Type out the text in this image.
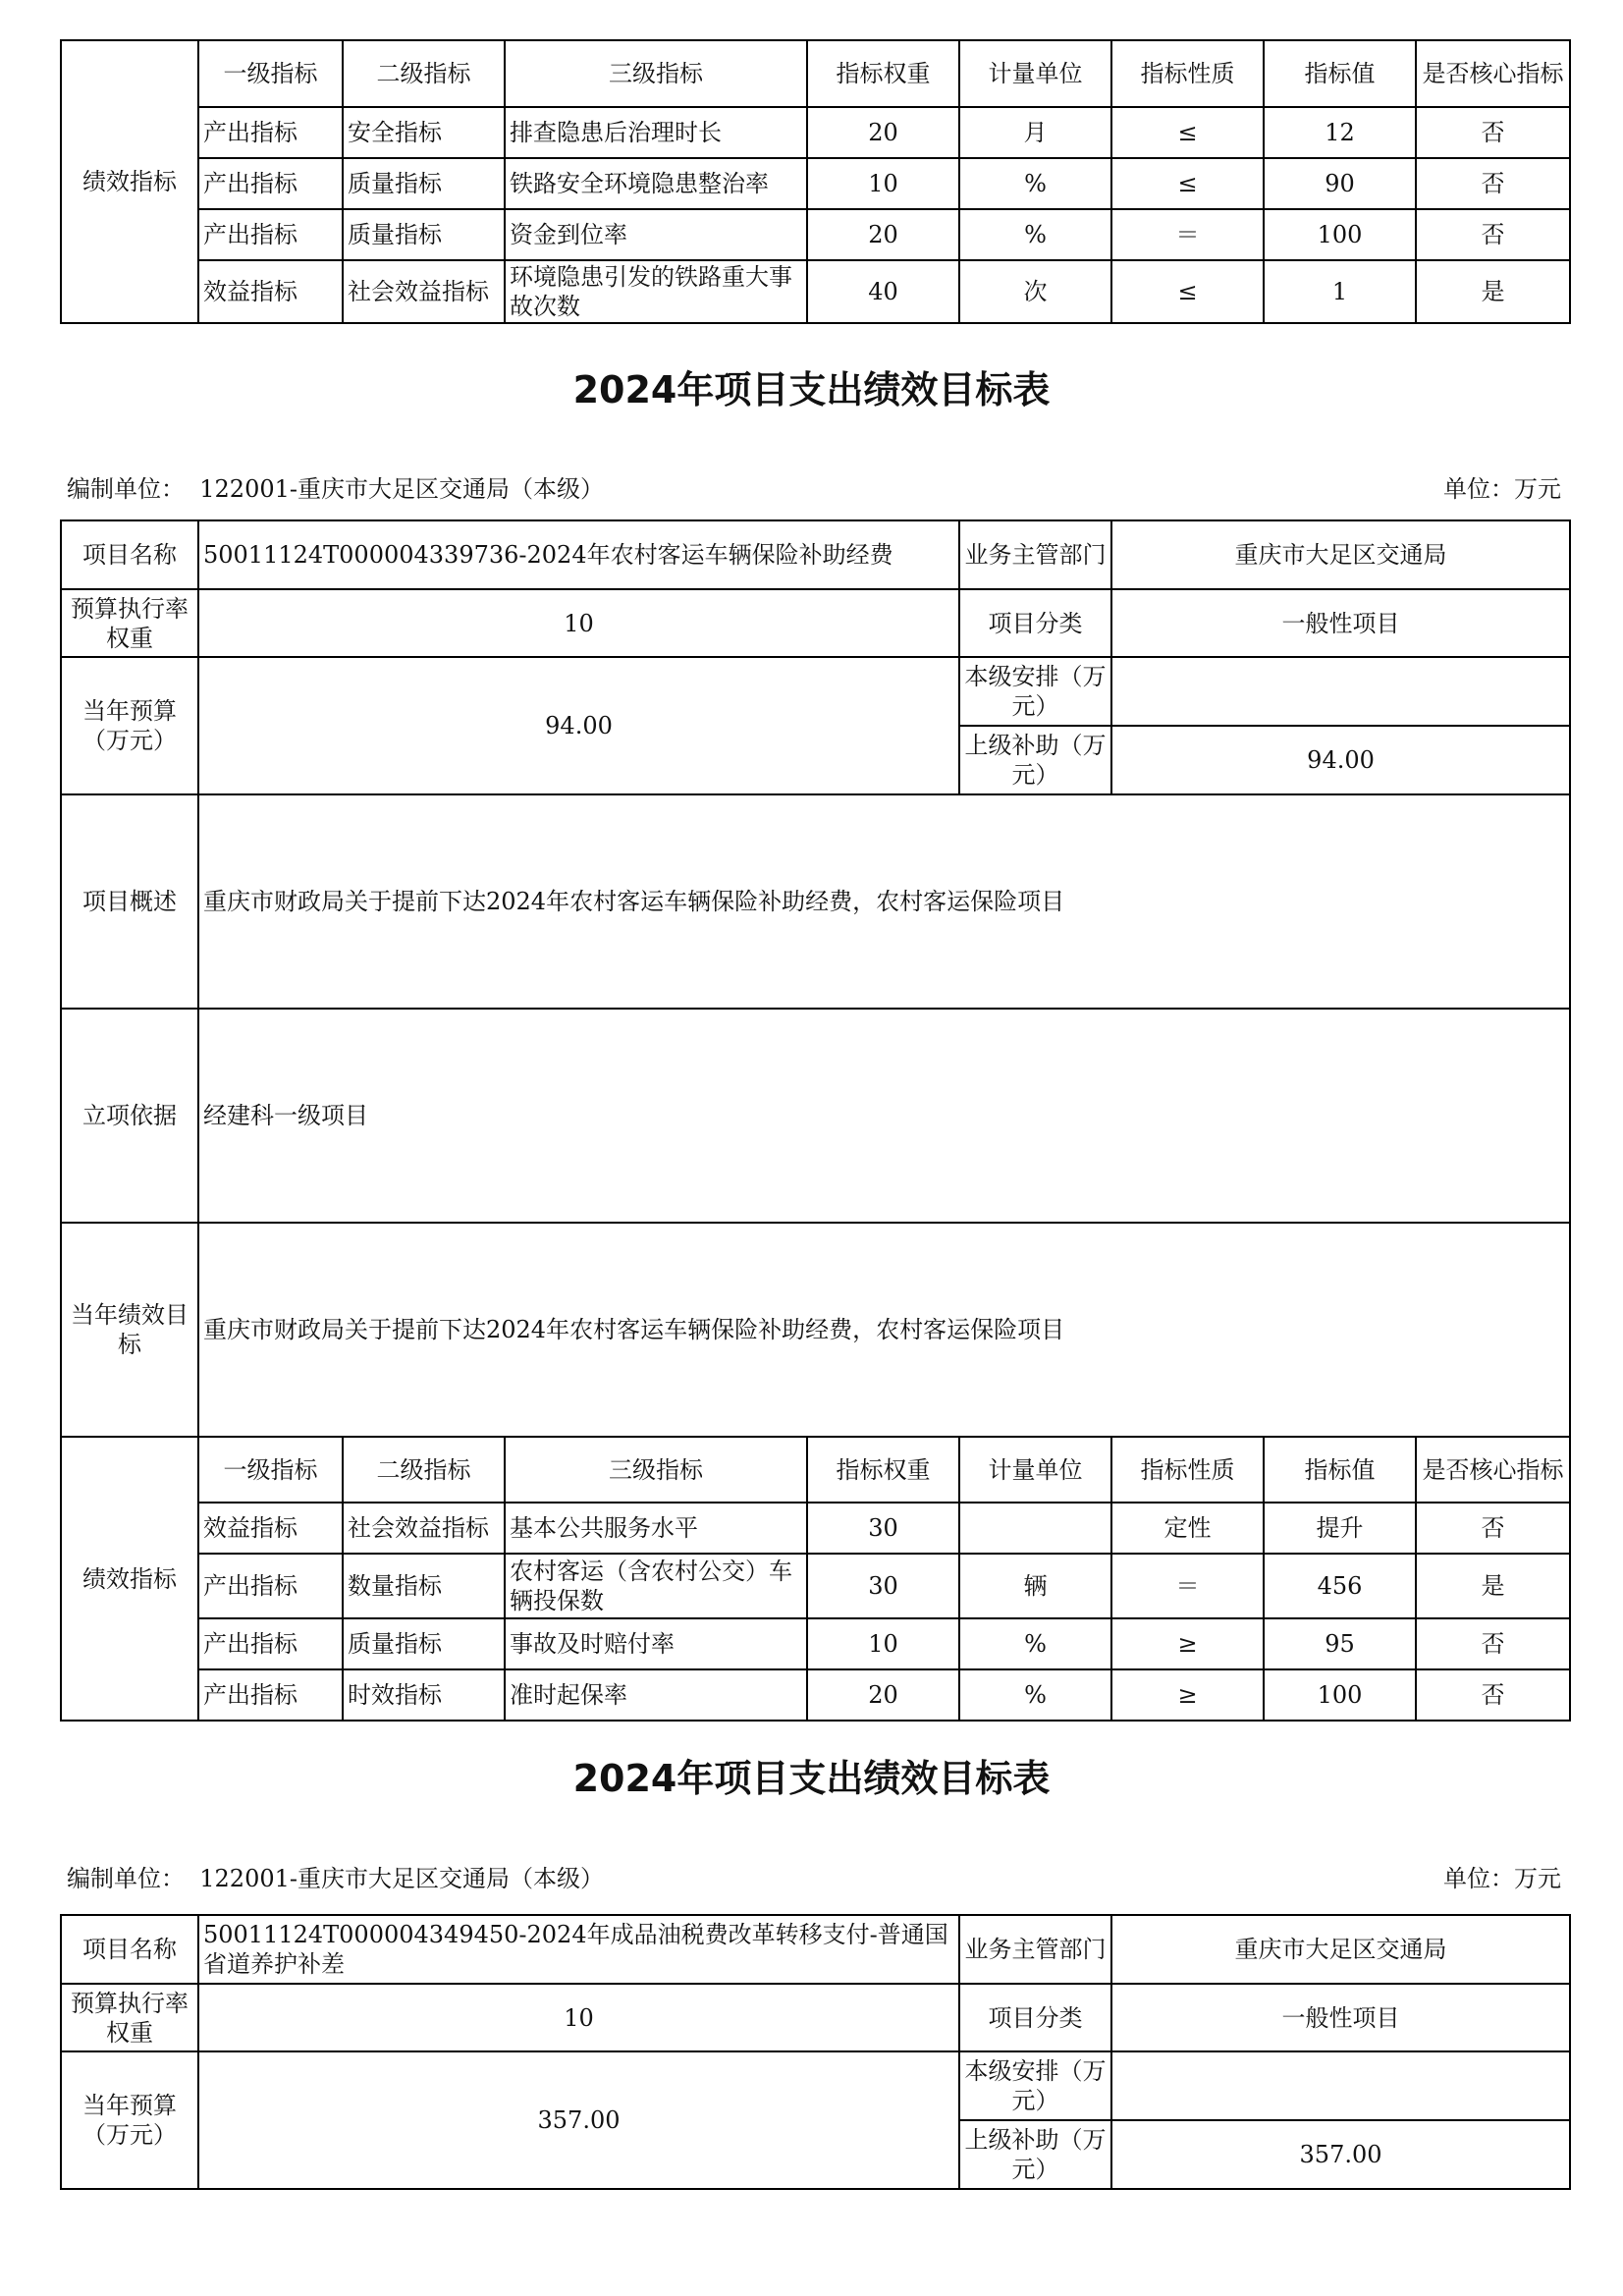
绩效指标	一级指标	二级指标	三级指标	指标权重	计量单位	指标性质	指标值	是否核心指标
	产出指标	安全指标	排查隐患后治理时长	20	月	≤	12	否
	产出指标	质量指标	铁路安全环境隐患整治率	10	%	≤	90	否
	产出指标	质量指标	资金到位率	20	%	＝	100	否
	效益指标	社会效益指标	环境隐患引发的铁路重大事故次数	40	次	≤	1	是
2024年项目支出绩效目标表
编制单位： 122001-重庆市大足区交通局（本级）	单位：万元
项目名称	50011124T000004339736-2024年农村客运车辆保险补助经费				业务主管部门	重庆市大足区交通局		
预算执行率权重	10				项目分类	一般性项目		
当年预算（万元）	94.00				本级安排（万元）			
					上级补助（万元）	94.00		
项目概述	重庆市财政局关于提前下达2024年农村客运车辆保险补助经费，农村客运保险项目							
立项依据	经建科一级项目							
当年绩效目标	重庆市财政局关于提前下达2024年农村客运车辆保险补助经费，农村客运保险项目							
绩效指标	一级指标	二级指标	三级指标	指标权重	计量单位	指标性质	指标值	是否核心指标
	效益指标	社会效益指标	基本公共服务水平	30		定性	提升	否
	产出指标	数量指标	农村客运（含农村公交）车辆投保数	30	辆	＝	456	是
	产出指标	质量指标	事故及时赔付率	10	%	≥	95	否
	产出指标	时效指标	准时起保率	20	%	≥	100	否
2024年项目支出绩效目标表
编制单位： 122001-重庆市大足区交通局（本级）	单位：万元
项目名称	50011124T000004349450-2024年成品油税费改革转移支付-普通国省道养护补差	业务主管部门	重庆市大足区交通局
预算执行率权重	10	项目分类	一般性项目
当年预算（万元）	357.00	本级安排（万元）	
		上级补助（万元）	357.00
